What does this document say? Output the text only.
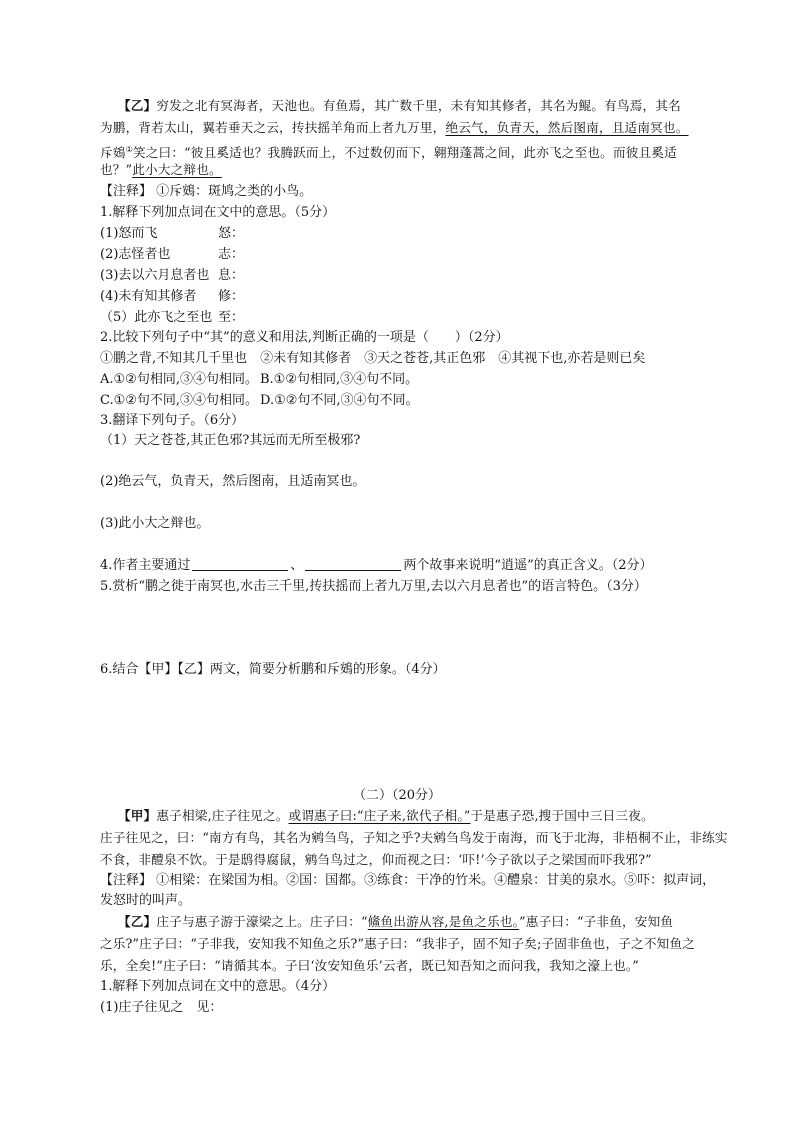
【乙】穷发之北有冥海者，天池也。有鱼焉，其广数千里，未有知其修者，其名为鲲。有鸟焉，其名
为鹏，背若太山，翼若垂天之云，抟扶摇羊角而上者九万里，绝云气，负青天，然后图南，且适南冥也。
斥鴳①笑之曰：“彼且奚适也？我腾跃而上，不过数仞而下，翱翔蓬蒿之间，此亦飞之至也。而彼且奚适
也？”此小大之辩也。
【注释】 ①斥鴳：斑鸠之类的小鸟。
1.解释下列加点词在文中的意思。（5分）
(1)怒而飞	怒：
(2)志怪者也	志：
(3)去以六月息者也 息：
(4)未有知其修者 修：
（5）此亦飞之至也 至：
2.比较下列句子中“其”的意义和用法,判断正确的一项是（　　）（2分）
①鹏之背,不知其几千里也　②未有知其修者　③天之苍苍,其正色邪　④其视下也,亦若是则已矣
A.①②句相同,③④句相同。 B.①②句相同,③④句不同。
C.①②句不同,③④句相同。 D.①②句不同,③④句不同。
3.翻译下列句子。（6分）
（1）天之苍苍,其正色邪?其远而无所至极邪?
(2)绝云气，负青天，然后图南，且适南冥也。
(3)此小大之辩也。
4.作者主要通过	、	两个故事来说明“逍遥”的真正含义。（2分）
5.赏析“鹏之徙于南冥也,水击三千里,抟扶摇而上者九万里,去以六月息者也”的语言特色。（3分）
6.结合【甲】【乙】两文，简要分析鹏和斥鴳的形象。（4分）
（二）（20分）
【甲】惠子相梁,庄子往见之。或谓惠子曰:“庄子来,欲代子相。”于是惠子恐,搜于国中三日三夜。
庄子往见之，曰：“南方有鸟，其名为鹓刍鸟，子知之乎?夫鹓刍鸟发于南海，而飞于北海，非梧桐不止，非练实
不食，非醴泉不饮。于是鸱得腐鼠，鹓刍鸟过之，仰而视之曰：‘吓!’今子欲以子之梁国而吓我邪?”
【注释】 ①相梁：在梁国为相。②国：国都。③练食：干净的竹米。④醴泉：甘美的泉水。⑤吓：拟声词，
发怒时的叫声。
【乙】庄子与惠子游于濠梁之上。庄子曰：“鯈鱼出游从容,是鱼之乐也。”惠子曰：“子非鱼，安知鱼
之乐?”庄子曰：“子非我，安知我不知鱼之乐?”惠子曰：“我非子，固不知子矣;子固非鱼也，子之不知鱼之
乐，全矣!”庄子曰：“请循其本。子曰‘汝安知鱼乐’云者，既已知吾知之而问我，我知之濠上也。”
1.解释下列加点词在文中的意思。（4分）
(1)庄子往见之　见：
